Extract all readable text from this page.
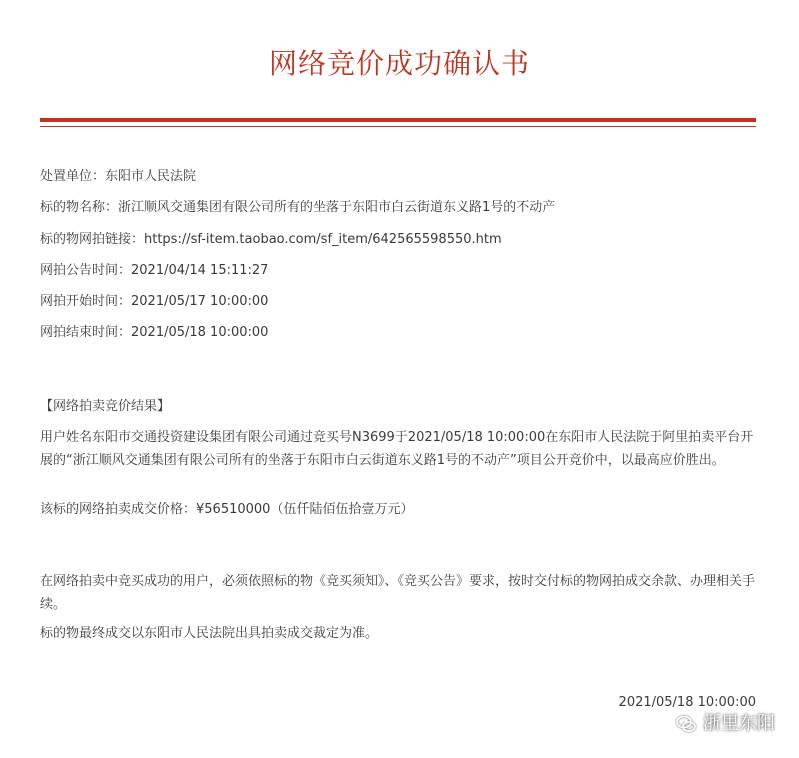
网络竞价成功确认书
处置单位：东阳市人民法院
标的物名称：浙江顺风交通集团有限公司所有的坐落于东阳市白云街道东义路1号的不动产
标的物网拍链接：https://sf-item.taobao.com/sf_item/642565598550.htm
网拍公告时间：2021/04/14 15:11:27
网拍开始时间：2021/05/17 10:00:00
网拍结束时间：2021/05/18 10:00:00
【网络拍卖竞价结果】
用户姓名东阳市交通投资建设集团有限公司通过竞买号N3699于2021/05/18 10:00:00在东阳市人民法院于阿里拍卖平台开展的“浙江顺风交通集团有限公司所有的坐落于东阳市白云街道东义路1号的不动产”项目公开竞价中，以最高应价胜出。
该标的网络拍卖成交价格：¥56510000（伍仟陆佰伍拾壹万元）
在网络拍卖中竞买成功的用户，必须依照标的物《竞买须知》、《竞买公告》要求，按时交付标的物网拍成交余款、办理相关手续。
标的物最终成交以东阳市人民法院出具拍卖成交裁定为准。
2021/05/18 10:00:00
浙里东阳
